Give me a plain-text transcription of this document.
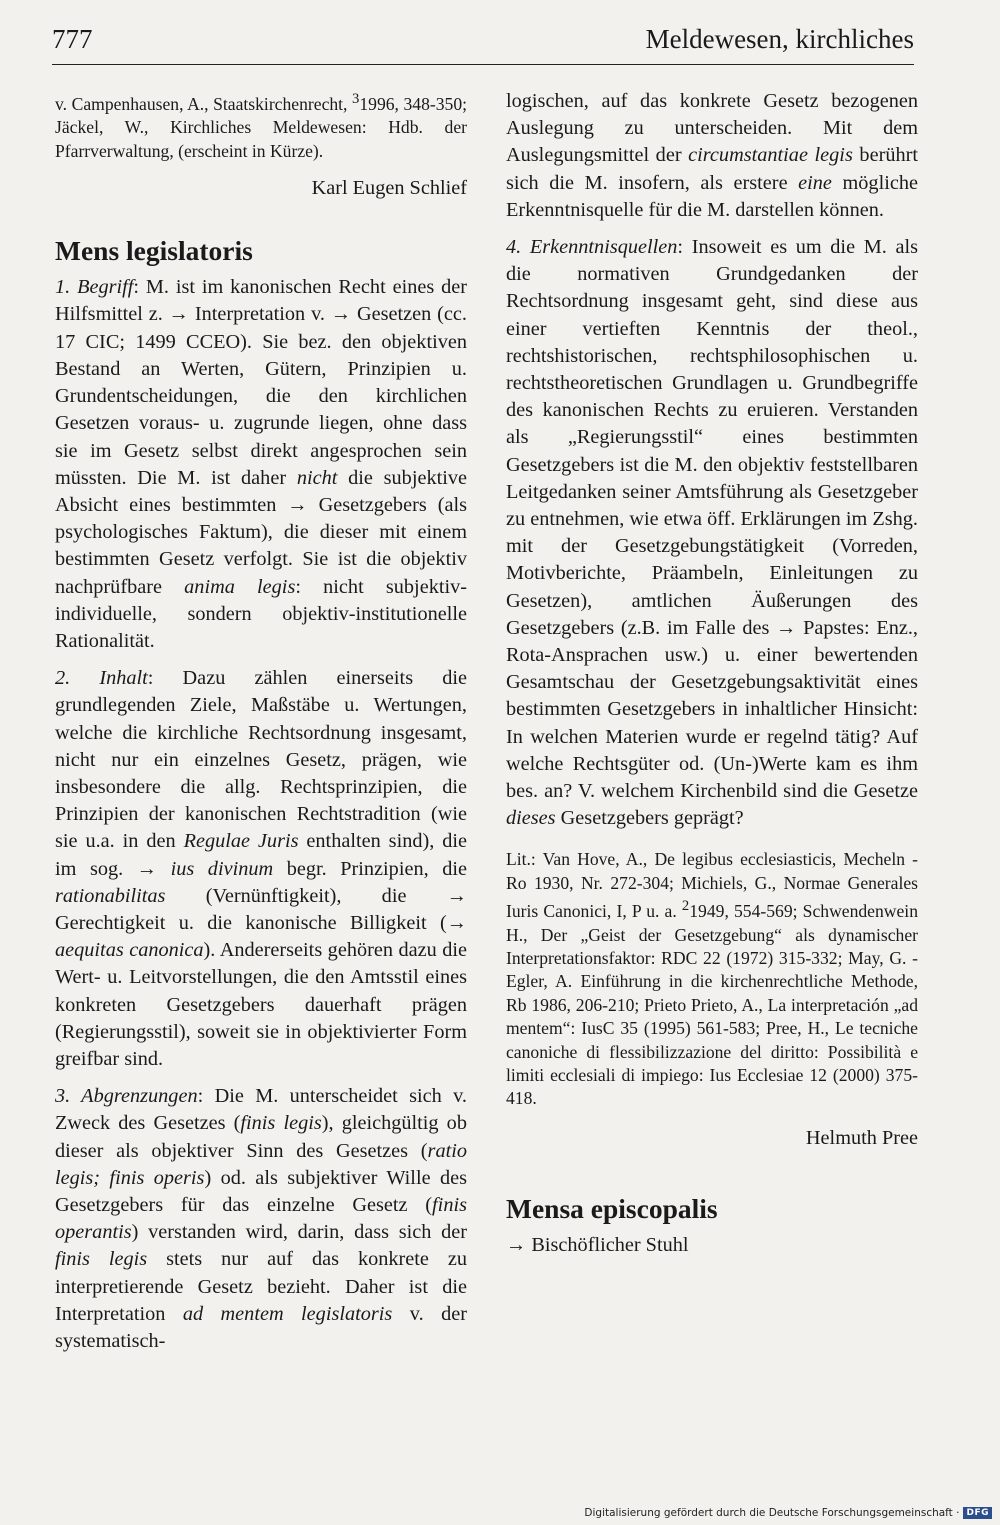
777	Meldewesen, kirchliches

v. Campenhausen, A., Staatskirchenrecht, $^3$1996, 348-350; Jäckel, W., Kirchliches Meldewesen: Hdb. der Pfarrverwaltung, (erscheint in Kürze).

Karl Eugen Schlief

Mens legislatoris

1. Begriff: M. ist im kanonischen Recht eines der Hilfsmittel z. → Interpretation v. → Gesetzen (cc. 17 CIC; 1499 CCEO). Sie bez. den objektiven Bestand an Werten, Gütern, Prinzipien u. Grundentscheidungen, die den kirchlichen Gesetzen voraus- u. zugrunde liegen, ohne dass sie im Gesetz selbst direkt angesprochen sein müssten. Die M. ist daher nicht die subjektive Absicht eines bestimmten → Gesetzgebers (als psychologisches Faktum), die dieser mit einem bestimmten Gesetz verfolgt. Sie ist die objektiv nachprüfbare anima legis: nicht subjektiv-individuelle, sondern objektiv-institutionelle Rationalität.

2. Inhalt: Dazu zählen einerseits die grundlegenden Ziele, Maßstäbe u. Wertungen, welche die kirchliche Rechtsordnung insgesamt, nicht nur ein einzelnes Gesetz, prägen, wie insbesondere die allg. Rechtsprinzipien, die Prinzipien der kanonischen Rechtstradition (wie sie u.a. in den Regulae Juris enthalten sind), die im sog. → ius divinum begr. Prinzipien, die rationabilitas (Vernünftigkeit), die → Gerechtigkeit u. die kanonische Billigkeit (→ aequitas canonica). Andererseits gehören dazu die Wert- u. Leitvorstellungen, die den Amtsstil eines konkreten Gesetzgebers dauerhaft prägen (Regierungsstil), soweit sie in objektivierter Form greifbar sind.

3. Abgrenzungen: Die M. unterscheidet sich v. Zweck des Gesetzes (finis legis), gleichgültig ob dieser als objektiver Sinn des Gesetzes (ratio legis; finis operis) od. als subjektiver Wille des Gesetzgebers für das einzelne Gesetz (finis operantis) verstanden wird, darin, dass sich der finis legis stets nur auf das konkrete zu interpretierende Gesetz bezieht. Daher ist die Interpretation ad mentem legislatoris v. der systematisch-

logischen, auf das konkrete Gesetz bezogenen Auslegung zu unterscheiden. Mit dem Auslegungsmittel der circumstantiae legis berührt sich die M. insofern, als erstere eine mögliche Erkenntnisquelle für die M. darstellen können.

4. Erkenntnisquellen: Insoweit es um die M. als die normativen Grundgedanken der Rechtsordnung insgesamt geht, sind diese aus einer vertieften Kenntnis der theol., rechtshistorischen, rechtsphilosophischen u. rechtstheoretischen Grundlagen u. Grundbegriffe des kanonischen Rechts zu eruieren. Verstanden als „Regierungsstil“ eines bestimmten Gesetzgebers ist die M. den objektiv feststellbaren Leitgedanken seiner Amtsführung als Gesetzgeber zu entnehmen, wie etwa öff. Erklärungen im Zshg. mit der Gesetzgebungstätigkeit (Vorreden, Motivberichte, Präambeln, Einleitungen zu Gesetzen), amtlichen Äußerungen des Gesetzgebers (z.B. im Falle des → Papstes: Enz., Rota-Ansprachen usw.) u. einer bewertenden Gesamtschau der Gesetzgebungsaktivität eines bestimmten Gesetzgebers in inhaltlicher Hinsicht: In welchen Materien wurde er regelnd tätig? Auf welche Rechtsgüter od. (Un-)Werte kam es ihm bes. an? V. welchem Kirchenbild sind die Gesetze dieses Gesetzgebers geprägt?

Lit.: Van Hove, A., De legibus ecclesiasticis, Mecheln - Ro 1930, Nr. 272-304; Michiels, G., Normae Generales Iuris Canonici, I, P u. a. $^2$1949, 554-569; Schwendenwein H., Der „Geist der Gesetzgebung“ als dynamischer Interpretationsfaktor: RDC 22 (1972) 315-332; May, G. - Egler, A. Einführung in die kirchenrechtliche Methode, Rb 1986, 206-210; Prieto Prieto, A., La interpretación „ad mentem“: IusC 35 (1995) 561-583; Pree, H., Le tecniche canoniche di flessibilizzazione del diritto: Possibilità e limiti ecclesiali di impiego: Ius Ecclesiae 12 (2000) 375-418.

Helmuth Pree

Mensa episcopalis

→ Bischöflicher Stuhl

Digitalisierung gefördert durch die Deutsche Forschungsgemeinschaft · DFG
